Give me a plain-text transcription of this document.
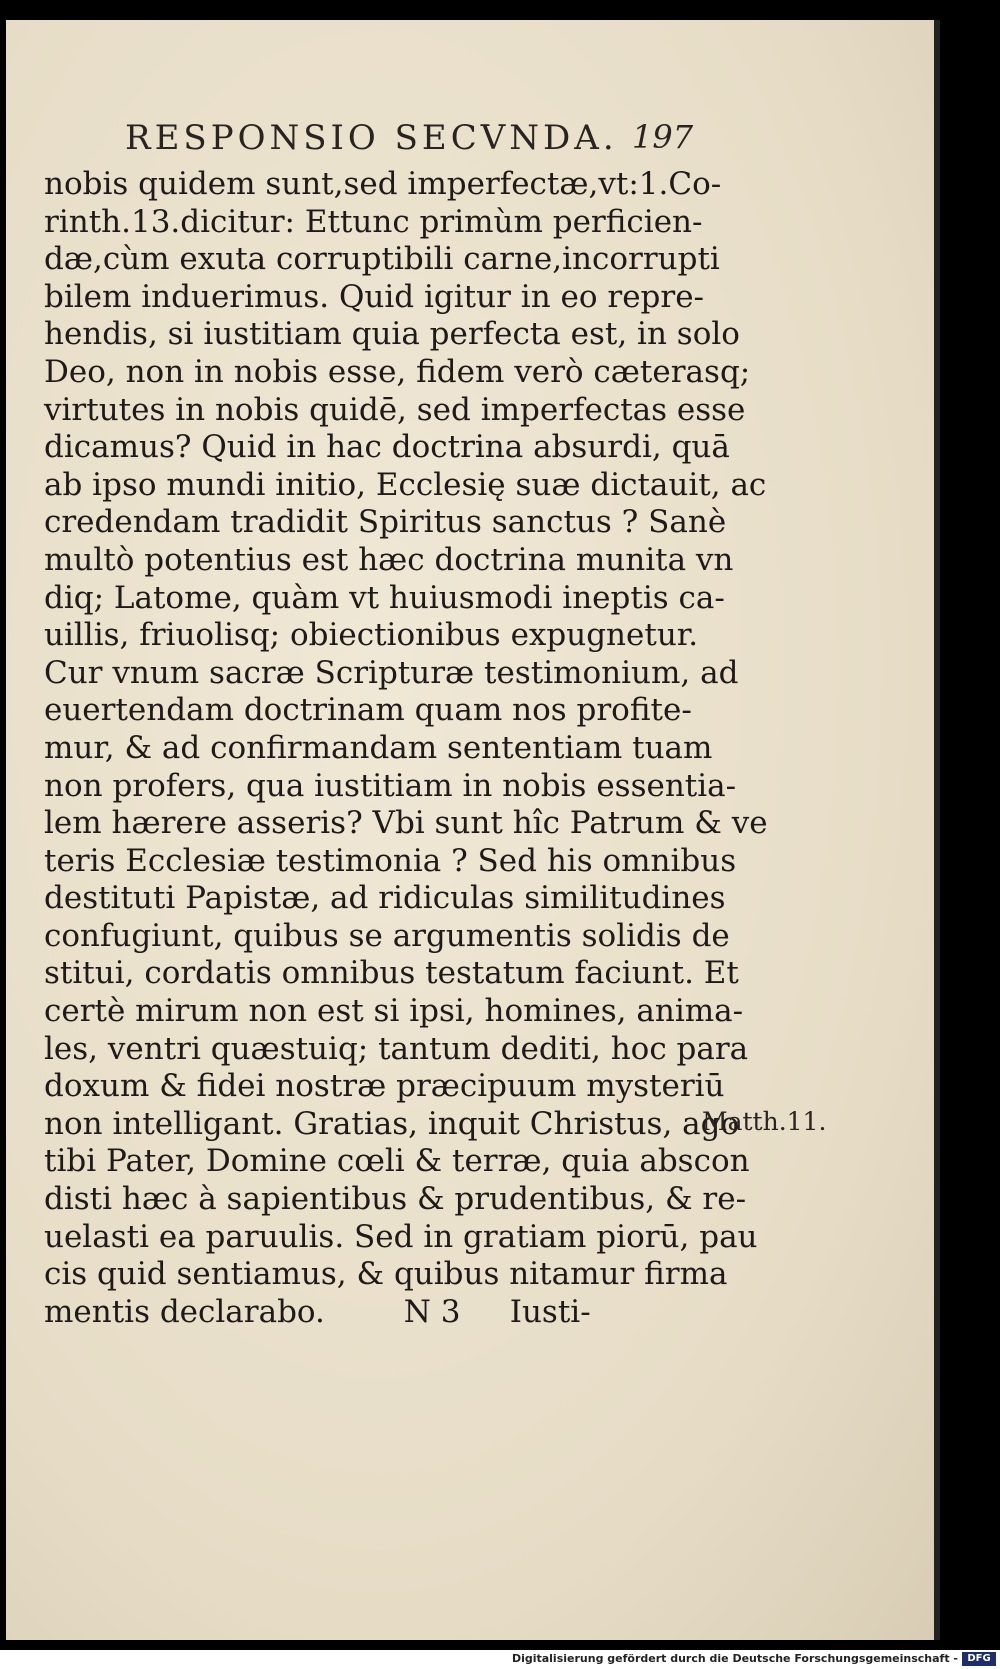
RESPONSIO SECVNDA. 197
nobis quidem sunt,sed imperfectæ,vt:1.Co-
rinth.13.dicitur: Ettunc primùm perficien-
dæ,cùm exuta corruptibili carne,incorrupti
bilem induerimus. Quid igitur in eo repre-
hendis, si iustitiam quia perfecta est, in solo
Deo, non in nobis esse, fidem verò cæterasq;
virtutes in nobis quidē, sed imperfectas esse
dicamus? Quid in hac doctrina absurdi, quā
ab ipso mundi initio, Ecclesię suæ dictauit, ac
credendam tradidit Spiritus sanctus ? Sanè
multò potentius est hæc doctrina munita vn
diq; Latome, quàm vt huiusmodi ineptis ca-
uillis, friuolisq; obiectionibus expugnetur.
Cur vnum sacræ Scripturæ testimonium, ad
euertendam doctrinam quam nos profite-
mur, & ad confirmandam sententiam tuam
non profers, qua iustitiam in nobis essentia-
lem hærere asseris? Vbi sunt hîc Patrum & ve
teris Ecclesiæ testimonia ? Sed his omnibus
destituti Papistæ, ad ridiculas similitudines
confugiunt, quibus se argumentis solidis de
stitui, cordatis omnibus testatum faciunt. Et
certè mirum non est si ipsi, homines, anima-
les, ventri quæstuiq; tantum dediti, hoc para
doxum & fidei nostræ præcipuum mysteriū
non intelligant. Gratias, inquit Christus, ago
tibi Pater, Domine cœli & terræ, quia abscon
disti hæc à sapientibus & prudentibus, & re-
uelasti ea paruulis. Sed in gratiam piorū, pau
cis quid sentiamus, & quibus nitamur firma
mentis declarabo.        N 3     Iusti-
Matth.11.
Digitalisierung gefördert durch die Deutsche Forschungsgemeinschaft - DFG
